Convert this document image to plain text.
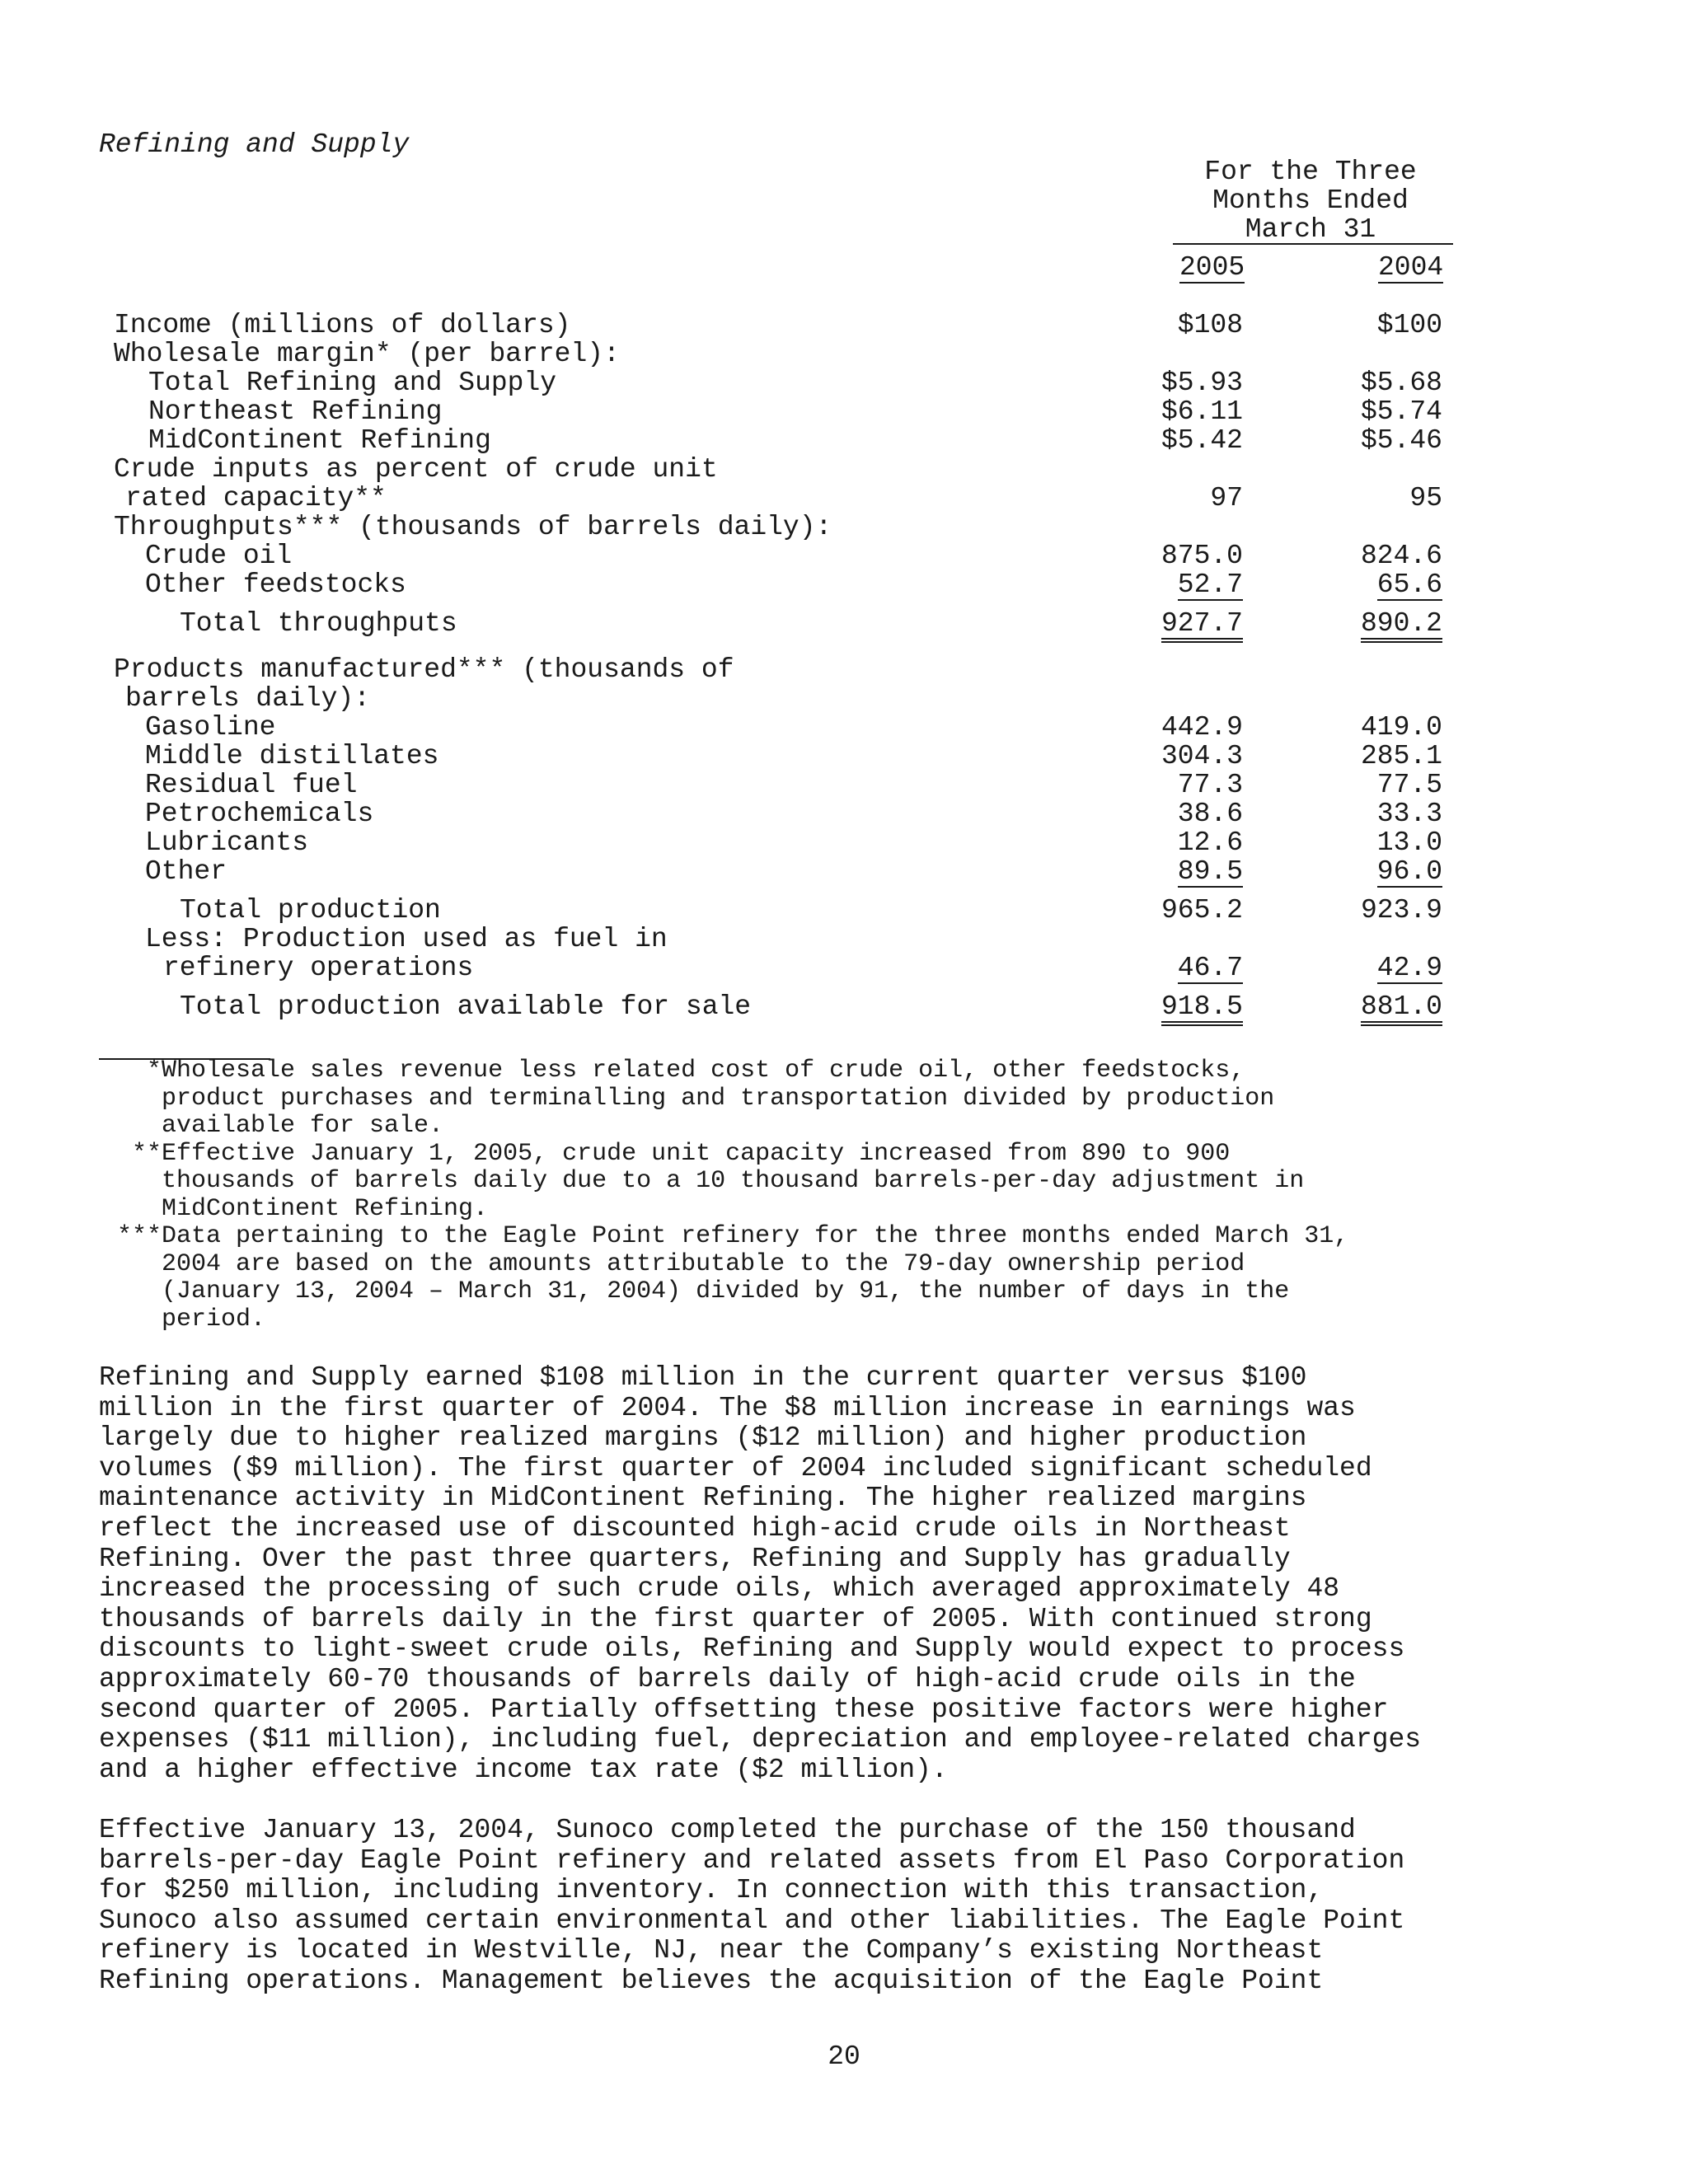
Refining and Supply
For the Three
Months Ended
March 31
2005	2004
Income (millions of dollars)	$108	$100
Wholesale margin* (per barrel):
Total Refining and Supply	$5.93	$5.68
Northeast Refining	$6.11	$5.74
MidContinent Refining	$5.42	$5.46
Crude inputs as percent of crude unit
rated capacity**	97	95
Throughputs*** (thousands of barrels daily):
Crude oil	875.0	824.6
Other feedstocks	52.7	65.6
Total throughputs	927.7	890.2
Products manufactured*** (thousands of
barrels daily):
Gasoline	442.9	419.0
Middle distillates	304.3	285.1
Residual fuel	77.3	77.5
Petrochemicals	38.6	33.3
Lubricants	12.6	13.0
Other	89.5	96.0
Total production	965.2	923.9
Less: Production used as fuel in
refinery operations	46.7	42.9
Total production available for sale	918.5	881.0
* Wholesale sales revenue less related cost of crude oil, other feedstocks,
product purchases and terminalling and transportation divided by production
available for sale.
** Effective January 1, 2005, crude unit capacity increased from 890 to 900
thousands of barrels daily due to a 10 thousand barrels-per-day adjustment in
MidContinent Refining.
*** Data pertaining to the Eagle Point refinery for the three months ended March 31,
2004 are based on the amounts attributable to the 79-day ownership period
(January 13, 2004 – March 31, 2004) divided by 91, the number of days in the
period.
Refining and Supply earned $108 million in the current quarter versus $100
million in the first quarter of 2004. The $8 million increase in earnings was
largely due to higher realized margins ($12 million) and higher production
volumes ($9 million). The first quarter of 2004 included significant scheduled
maintenance activity in MidContinent Refining. The higher realized margins
reflect the increased use of discounted high-acid crude oils in Northeast
Refining. Over the past three quarters, Refining and Supply has gradually
increased the processing of such crude oils, which averaged approximately 48
thousands of barrels daily in the first quarter of 2005. With continued strong
discounts to light-sweet crude oils, Refining and Supply would expect to process
approximately 60-70 thousands of barrels daily of high-acid crude oils in the
second quarter of 2005. Partially offsetting these positive factors were higher
expenses ($11 million), including fuel, depreciation and employee-related charges
and a higher effective income tax rate ($2 million).
Effective January 13, 2004, Sunoco completed the purchase of the 150 thousand
barrels-per-day Eagle Point refinery and related assets from El Paso Corporation
for $250 million, including inventory. In connection with this transaction,
Sunoco also assumed certain environmental and other liabilities. The Eagle Point
refinery is located in Westville, NJ, near the Company’s existing Northeast
Refining operations. Management believes the acquisition of the Eagle Point
20
